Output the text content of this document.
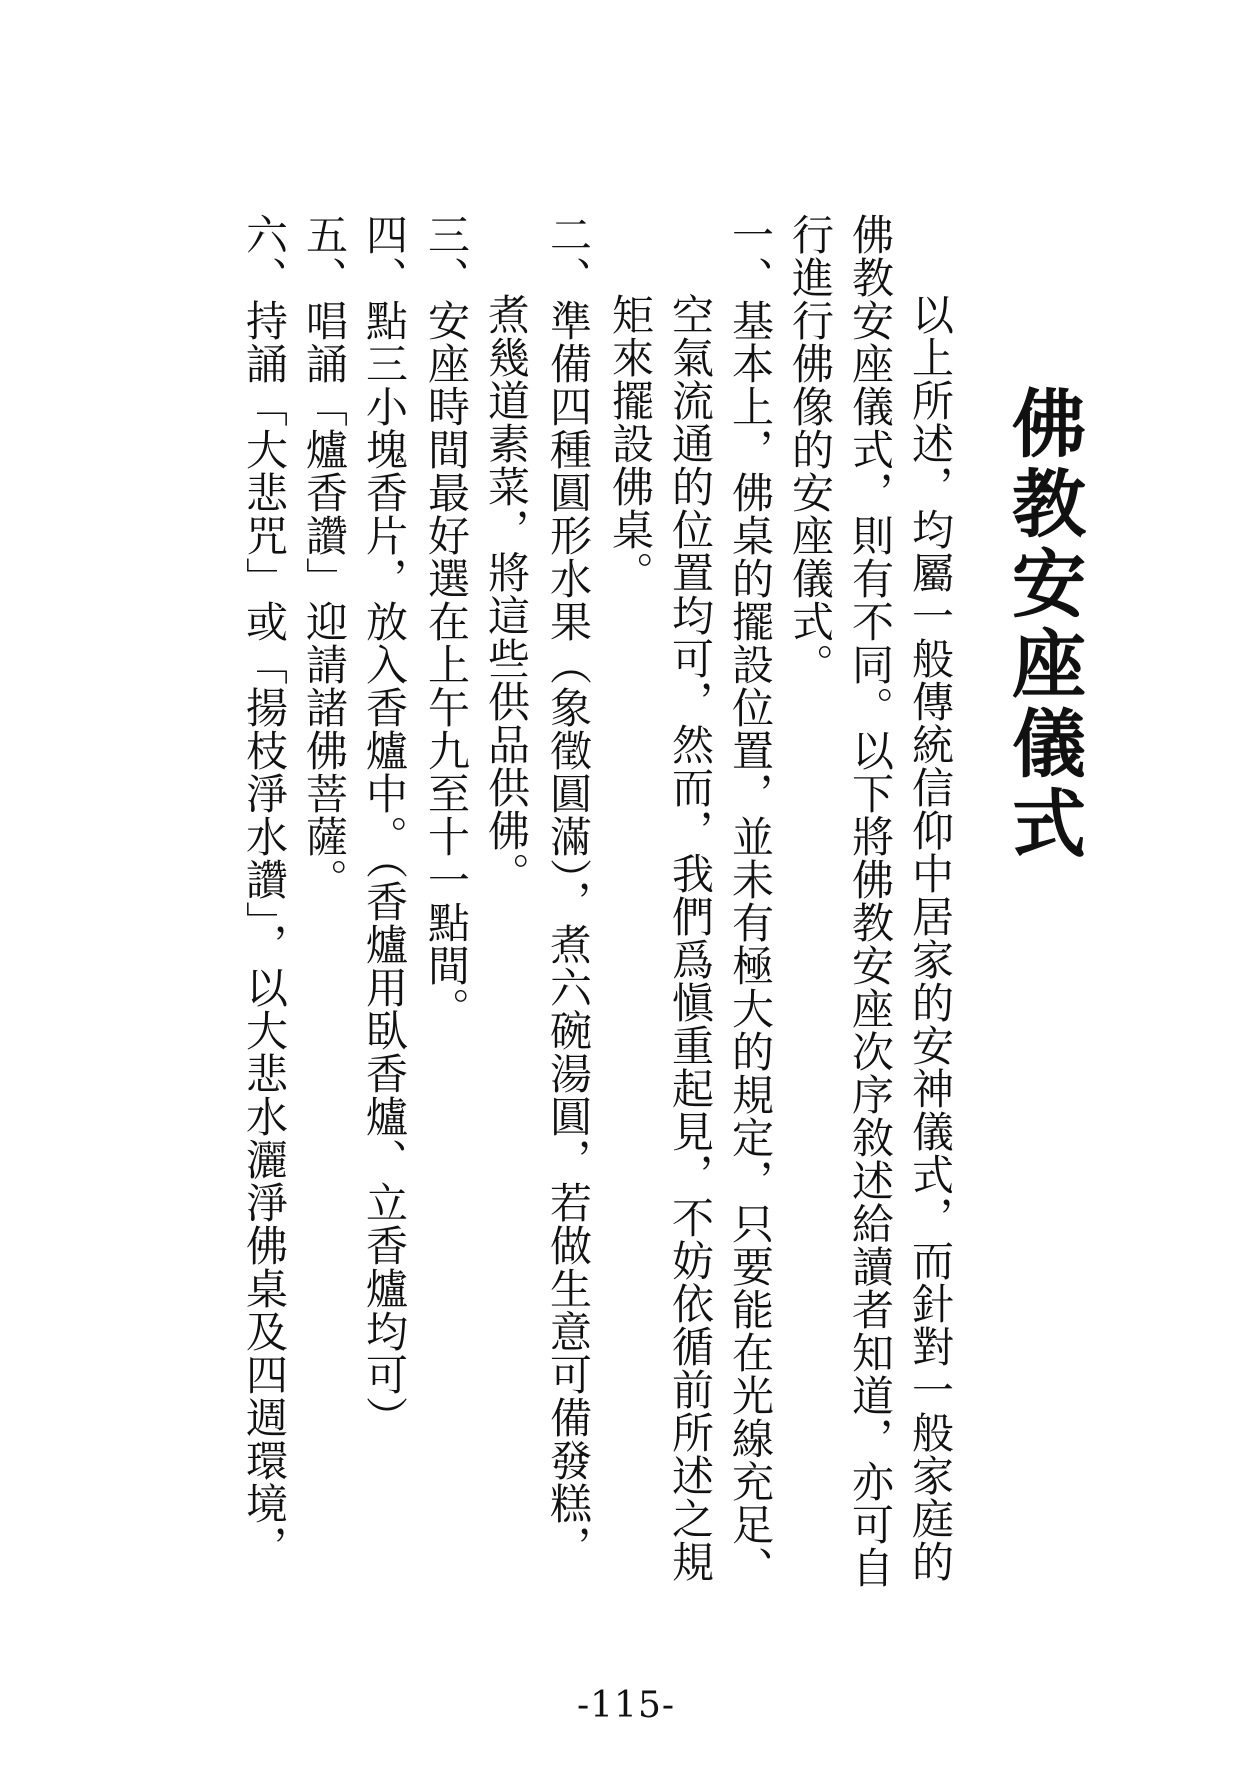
佛教安座儀式
以上所述，均屬一般傳統信仰中居家的安神儀式，而針對一般家庭的
佛教安座儀式，則有不同。以下將佛教安座次序敘述給讀者知道，亦可自
行進行佛像的安座儀式。
一、基本上，佛桌的擺設位置，並未有極大的規定，只要能在光線充足、
空氣流通的位置均可，然而，我們爲愼重起見，不妨依循前所述之規
矩來擺設佛桌。
二、準備四種圓形水果（象徵圓滿），煮六碗湯圓，若做生意可備發糕，
煮幾道素菜，將這些供品供佛。
三、安座時間最好選在上午九至十一點間。
四、點三小塊香片，放入香爐中。（香爐用臥香爐、立香爐均可）
五、唱誦「爐香讚」迎請諸佛菩薩。
六、持誦「大悲咒」或「揚枝淨水讚」，以大悲水灑淨佛桌及四週環境，
-115-
